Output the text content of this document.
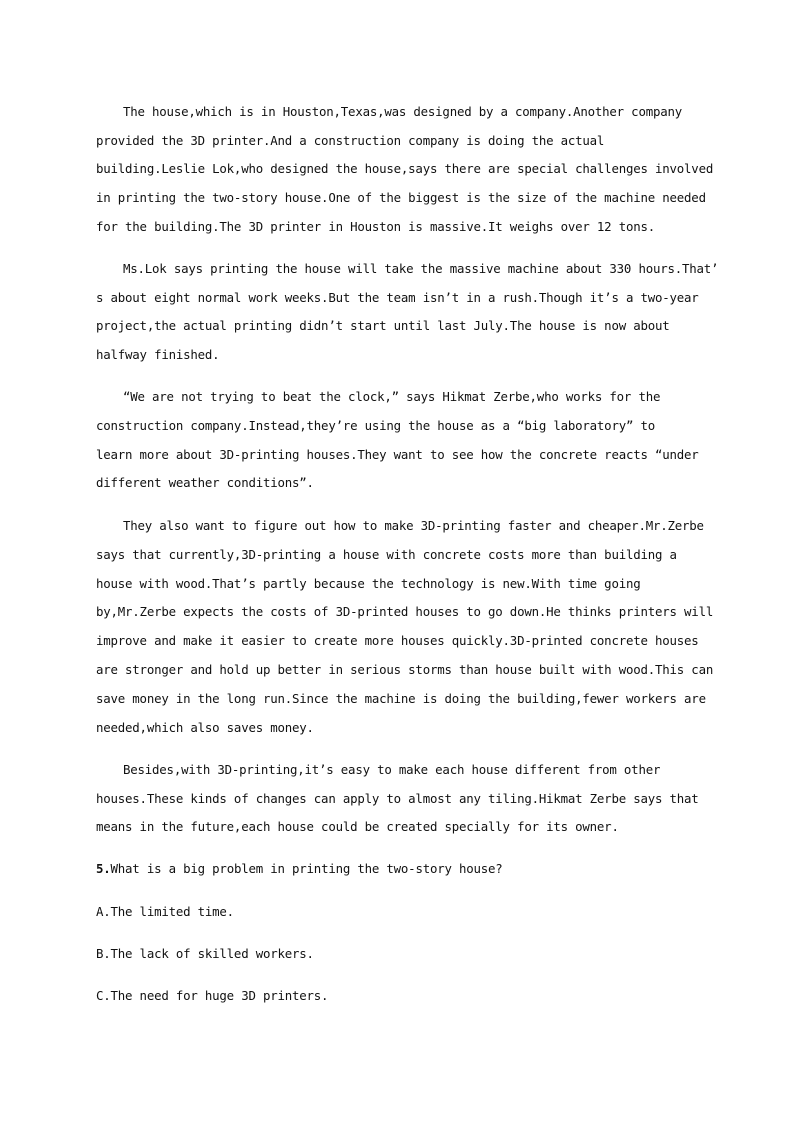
The house,which is in Houston,Texas,was designed by a company.Another company
provided the 3D printer.And a construction company is doing the actual
building.Leslie Lok,who designed the house,says there are special challenges involved
in printing the two-story house.One of the biggest is the size of the machine needed
for the building.The 3D printer in Houston is massive.It weighs over 12 tons.
Ms.Lok says printing the house will take the massive machine about 330 hours.That’
s about eight normal work weeks.But the team isn’t in a rush.Though it’s a two-year
project,the actual printing didn’t start until last July.The house is now about
halfway finished.
“We are not trying to beat the clock,” says Hikmat Zerbe,who works for the
construction company.Instead,they’re using the house as a “big laboratory” to
learn more about 3D-printing houses.They want to see how the concrete reacts “under
different weather conditions”.
They also want to figure out how to make 3D-printing faster and cheaper.Mr.Zerbe
says that currently,3D-printing a house with concrete costs more than building a
house with wood.That’s partly because the technology is new.With time going
by,Mr.Zerbe expects the costs of 3D-printed houses to go down.He thinks printers will
improve and make it easier to create more houses quickly.3D-printed concrete houses
are stronger and hold up better in serious storms than house built with wood.This can
save money in the long run.Since the machine is doing the building,fewer workers are
needed,which also saves money.
Besides,with 3D-printing,it’s easy to make each house different from other
houses.These kinds of changes can apply to almost any tiling.Hikmat Zerbe says that
means in the future,each house could be created specially for its owner.
5.What is a big problem in printing the two-story house?
A.The limited time.
B.The lack of skilled workers.
C.The need for huge 3D printers.
